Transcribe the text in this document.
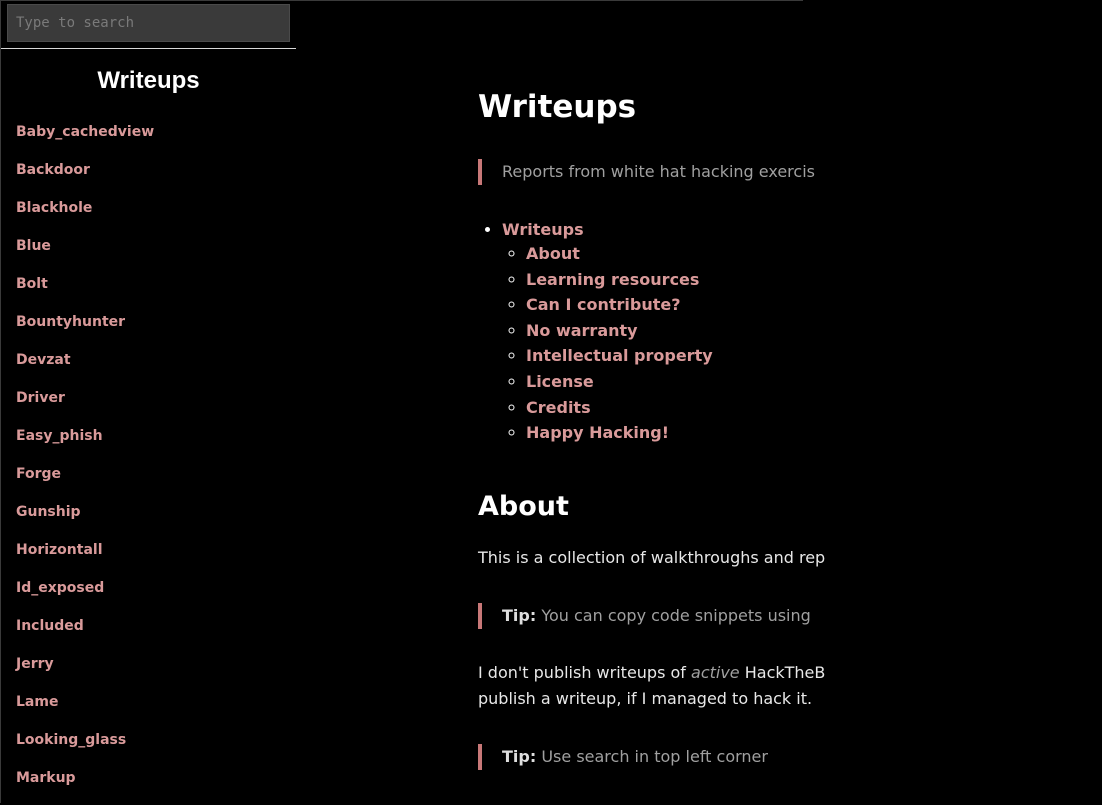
Type to search
Writeups
Baby_cachedview
Backdoor
Blackhole
Blue
Bolt
Bountyhunter
Devzat
Driver
Easy_phish
Forge
Gunship
Horizontall
Id_exposed
Included
Jerry
Lame
Looking_glass
Markup
Writeups
Reports from white hat hacking exercis
• Writeups
◦ About
◦ Learning resources
◦ Can I contribute?
◦ No warranty
◦ Intellectual property
◦ License
◦ Credits
◦ Happy Hacking!
About
This is a collection of walkthroughs and rep
Tip: You can copy code snippets using
I don't publish writeups of active HackTheB
publish a writeup, if I managed to hack it.
Tip: Use search in top left corner
